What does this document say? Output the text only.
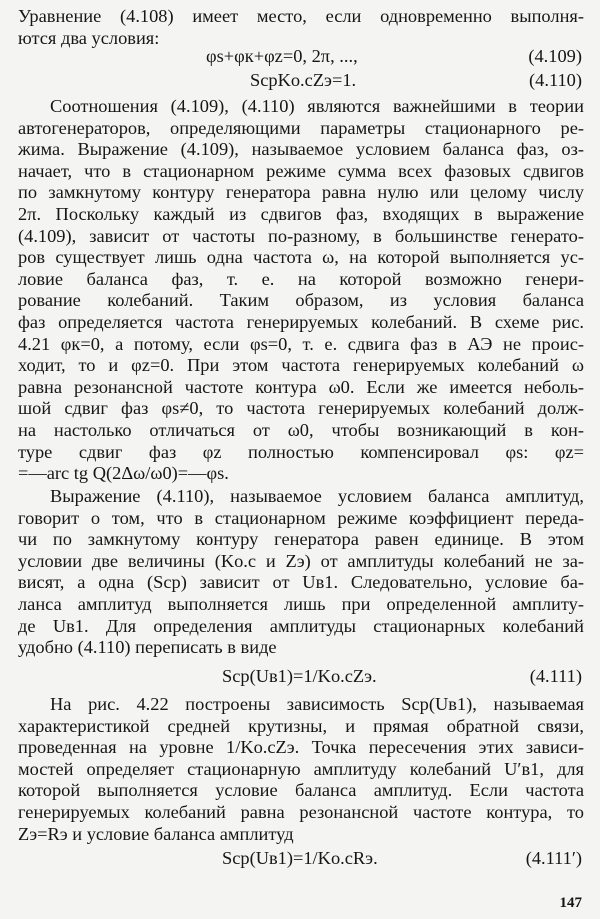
Уравнение (4.108) имеет место, если одновременно выполня-
ются два условия:
φs+φк+φz=0, 2π, ...,	(4.109)
SсрKо.сZэ=1.	(4.110)
Соотношения (4.109), (4.110) являются важнейшими в теории
автогенераторов, определяющими параметры стационарного ре-
жима. Выражение (4.109), называемое условием баланса фаз, оз-
начает, что в стационарном режиме сумма всех фазовых сдвигов
по замкнутому контуру генератора равна нулю или целому числу
2π. Поскольку каждый из сдвигов фаз, входящих в выражение
(4.109), зависит от частоты по-разному, в большинстве генерато-
ров существует лишь одна частота ω, на которой выполняется ус-
ловие баланса фаз, т. е. на которой возможно генери-
рование колебаний. Таким образом, из условия баланса
фаз определяется частота генерируемых колебаний. В схеме рис.
4.21 φк=0, а потому, если φs=0, т. е. сдвига фаз в АЭ не проис-
ходит, то и φz=0. При этом частота генерируемых колебаний ω
равна резонансной частоте контура ω0. Если же имеется неболь-
шой сдвиг фаз φs≠0, то частота генерируемых колебаний долж-
на настолько отличаться от ω0, чтобы возникающий в кон-
туре сдвиг фаз φz полностью компенсировал φs: φz=
=—arc tg Q(2Δω/ω0)=—φs.
Выражение (4.110), называемое условием баланса амплитуд,
говорит о том, что в стационарном режиме коэффициент переда-
чи по замкнутому контуру генератора равен единице. В этом
условии две величины (Kо.с и Zэ) от амплитуды колебаний не за-
висят, а одна (Sср) зависит от Uв1. Следовательно, условие ба-
ланса амплитуд выполняется лишь при определенной амплиту-
де Uв1. Для определения амплитуды стационарных колебаний
удобно (4.110) переписать в виде
Sср(Uв1)=1/Kо.сZэ.	(4.111)
На рис. 4.22 построены зависимость Sср(Uв1), называемая
характеристикой средней крутизны, и прямая обратной связи,
проведенная на уровне 1/Kо.сZэ. Точка пересечения этих зависи-
мостей определяет стационарную амплитуду колебаний U′в1, для
которой выполняется условие баланса амплитуд. Если частота
генерируемых колебаний равна резонансной частоте контура, то
Zэ=Rэ и условие баланса амплитуд
Sср(Uв1)=1/Kо.сRэ.	(4.111′)
147
